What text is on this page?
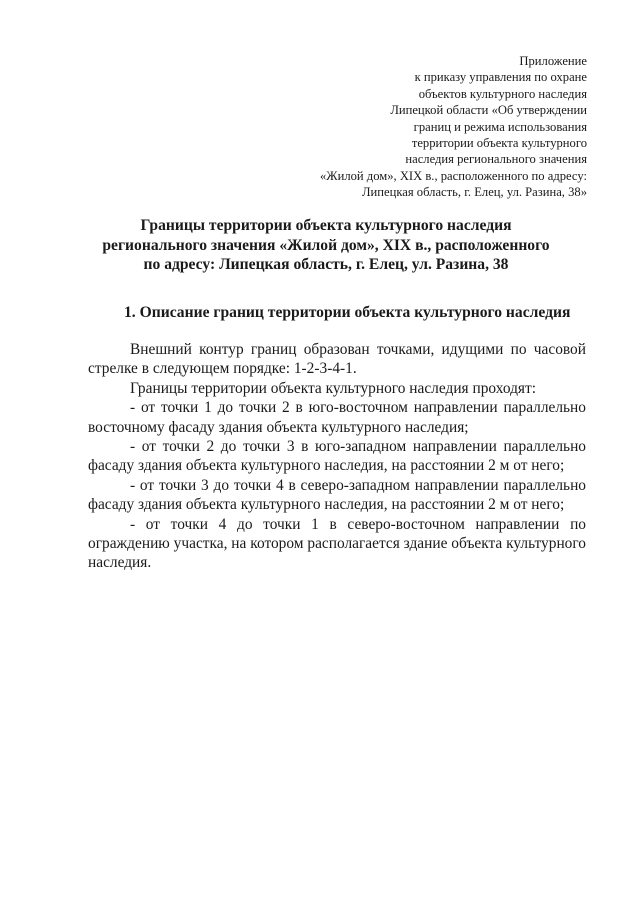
Приложение
к приказу управления по охране
объектов культурного наследия
Липецкой области «Об утверждении
границ и режима использования
территории объекта культурного
наследия регионального значения
«Жилой дом», XIX в., расположенного по адресу:
Липецкая область, г. Елец, ул. Разина, 38»
Границы территории объекта культурного наследия
регионального значения «Жилой дом», XIX в., расположенного
по адресу: Липецкая область, г. Елец, ул. Разина, 38
1. Описание границ территории объекта культурного наследия

Внешний контур границ образован точками, идущими по часовой стрелке в следующем порядке: 1-2-3-4-1.

Границы территории объекта культурного наследия проходят:

- от точки 1 до точки 2 в юго-восточном направлении параллельно восточному фасаду здания объекта культурного наследия;

- от точки 2 до точки 3 в юго-западном направлении параллельно фасаду здания объекта культурного наследия, на расстоянии 2 м от него;

- от точки 3 до точки 4 в северо-западном направлении параллельно фасаду здания объекта культурного наследия, на расстоянии 2 м от него;

- от точки 4 до точки 1 в северо-восточном направлении по ограждению участка, на котором располагается здание объекта культурного наследия.
